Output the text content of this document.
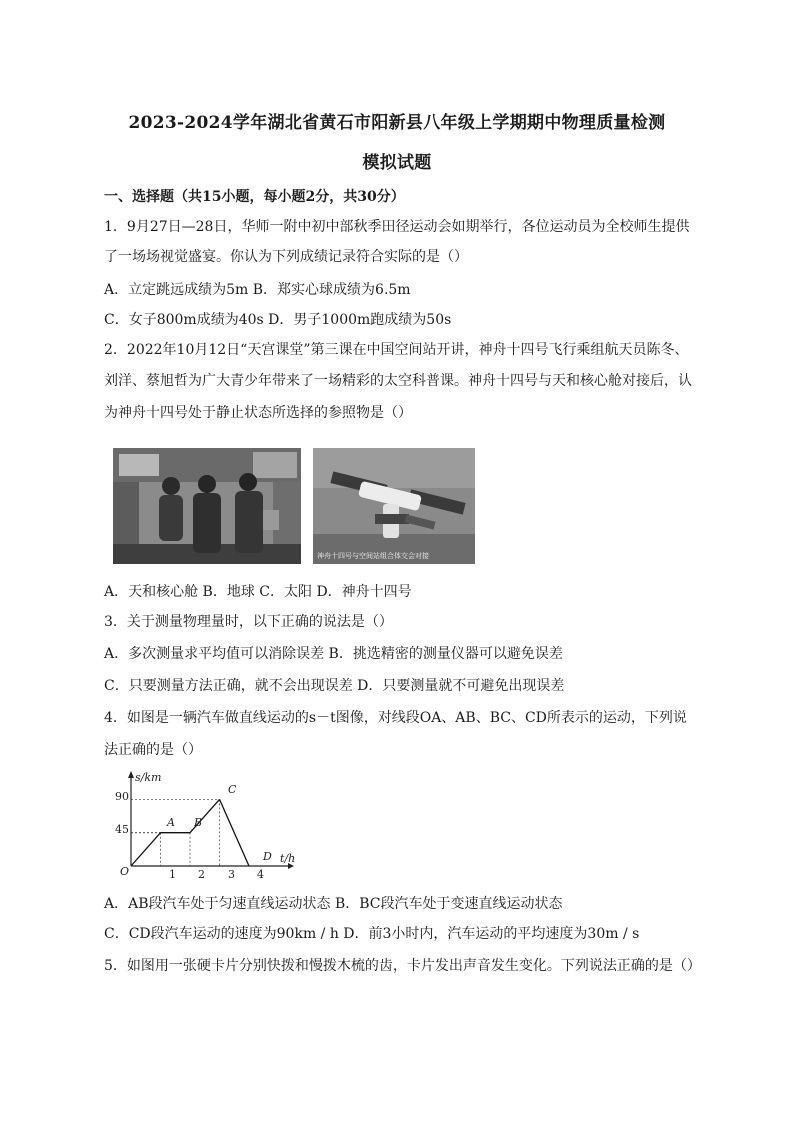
2023-2024学年湖北省黄石市阳新县八年级上学期期中物理质量检测
模拟试题
一、选择题（共15小题，每小题2分，共30分）
1．9月27日—28日，华师一附中初中部秋季田径运动会如期举行，各位运动员为全校师生提供
了一场场视觉盛宴。你认为下列成绩记录符合实际的是（）
A．立定跳远成绩为5m B．郑实心球成绩为6.5m
C．女子800m成绩为40s D．男子1000m跑成绩为50s
2．2022年10月12日“天宫课堂”第三课在中国空间站开讲，神舟十四号飞行乘组航天员陈冬、
刘洋、蔡旭哲为广大青少年带来了一场精彩的太空科普课。神舟十四号与天和核心舱对接后，认
为神舟十四号处于静止状态所选择的参照物是（）
神舟十四号与空间站组合体交会对接
A．天和核心舱 B．地球 C．太阳 D．神舟十四号
3．关于测量物理量时，以下正确的说法是（）
A．多次测量求平均值可以消除误差 B．挑选精密的测量仪器可以避免误差
C．只要测量方法正确，就不会出现误差 D．只要测量就不可避免出现误差
4．如图是一辆汽车做直线运动的s－t图像，对线段OA、AB、BC、CD所表示的运动，下列说
法正确的是（）
s/km
t/h
O
90
45
1 2 3 4
A B
C
D
A．AB段汽车处于匀速直线运动状态 B．BC段汽车处于变速直线运动状态
C．CD段汽车运动的速度为90km / h D．前3小时内，汽车运动的平均速度为30m / s
5．如图用一张硬卡片分别快拨和慢拨木梳的齿，卡片发出声音发生变化。下列说法正确的是（）
